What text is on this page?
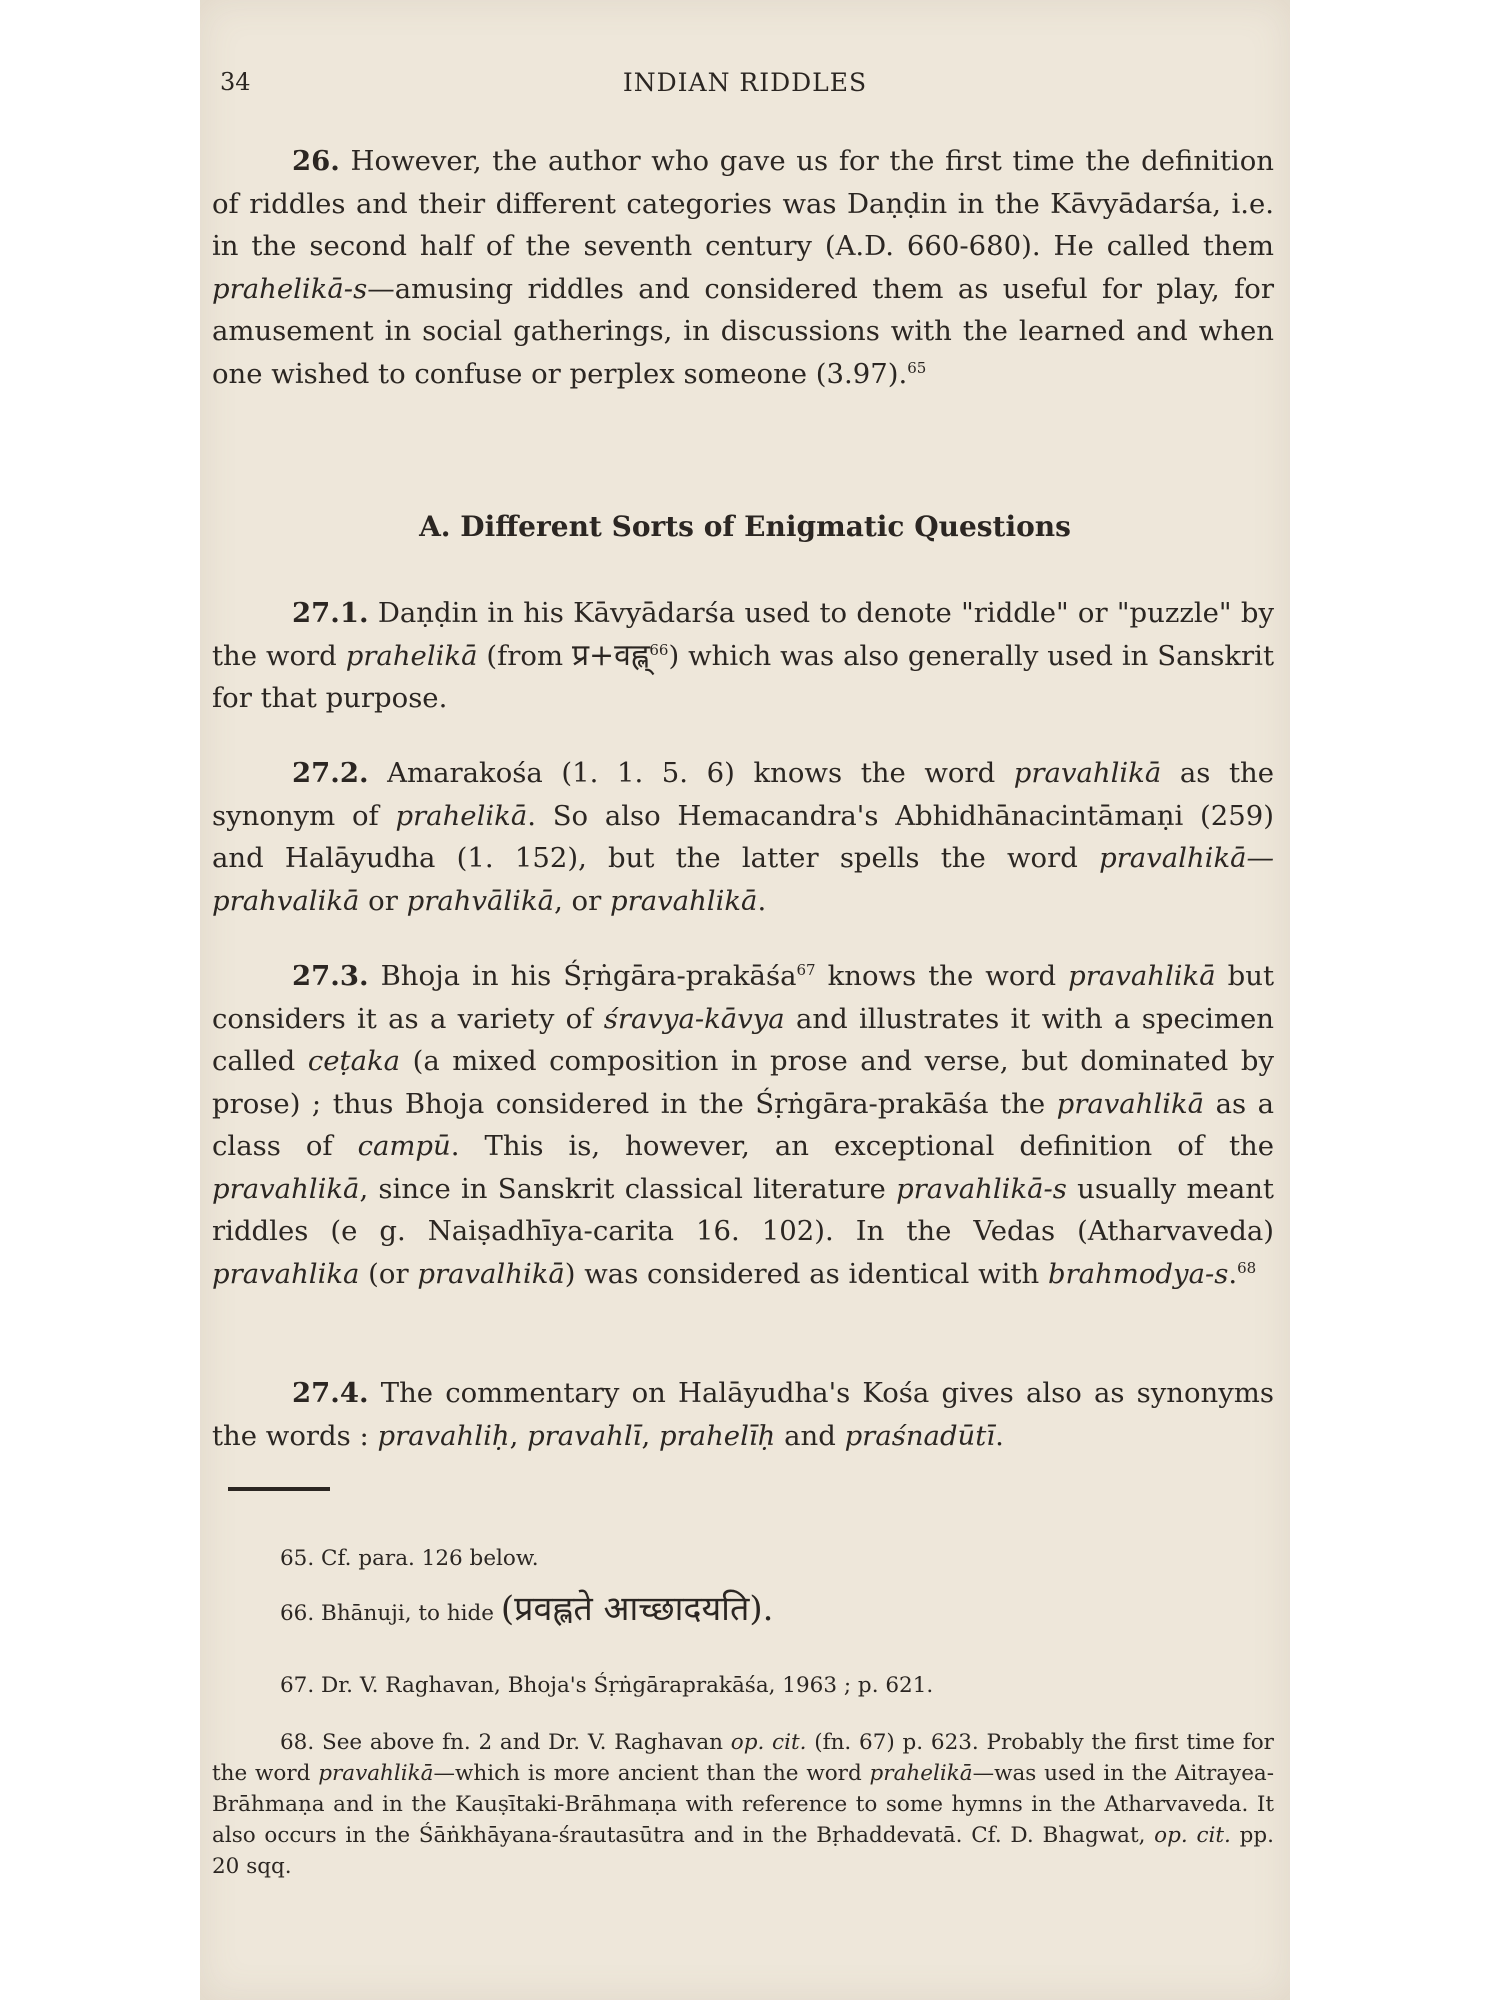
34	INDIAN RIDDLES

26. However, the author who gave us for the first time the definition of riddles and their different categories was Daṇḍin in the Kāvyādarśa, i.e. in the second half of the seventh century (A.D. 660-680). He called them prahelikā-s—amusing riddles and considered them as useful for play, for amusement in social gatherings, in discussions with the learned and when one wished to confuse or perplex someone (3.97).$^{65}$

A. Different Sorts of Enigmatic Questions

27.1. Daṇḍin in his Kāvyādarśa used to denote "riddle" or "puzzle" by the word prahelikā (from प्र+वह्ल्$^{66}$) which was also generally used in Sanskrit for that purpose.

27.2. Amarakośa (1. 1. 5. 6) knows the word pravahlikā as the synonym of prahelikā. So also Hemacandra's Abhidhānacintāmaṇi (259) and Halāyudha (1. 152), but the latter spells the word pravalhikā—prahvalikā or prahvālikā, or pravahlikā.

27.3. Bhoja in his Śṛṅgāra-prakāśa$^{67}$ knows the word pravahlikā but considers it as a variety of śravya-kāvya and illustrates it with a specimen called ceṭaka (a mixed composition in prose and verse, but dominated by prose) ; thus Bhoja considered in the Śṛṅgāra-prakāśa the pravahlikā as a class of campū. This is, however, an exceptional definition of the pravahlikā, since in Sanskrit classical literature pravahlikā-s usually meant riddles (e g. Naiṣadhīya-carita 16. 102). In the Vedas (Atharvaveda) pravahlika (or pravalhikā) was considered as identical with brahmodya-s.$^{68}$

27.4. The commentary on Halāyudha's Kośa gives also as synonyms the words : pravahliḥ, pravahlī, prahelīḥ and praśnadūtī.

65. Cf. para. 126 below.

66. Bhānuji, to hide (प्रवह्लते आच्छादयति).

67. Dr. V. Raghavan, Bhoja's Śṛṅgāraprakāśa, 1963 ; p. 621.

68. See above fn. 2 and Dr. V. Raghavan op. cit. (fn. 67) p. 623. Probably the first time for the word pravahlikā—which is more ancient than the word prahelikā—was used in the Aitrayea-Brāhmaṇa and in the Kauṣītaki-Brāhmaṇa with reference to some hymns in the Atharvaveda. It also occurs in the Śāṅkhāyana-śrautasūtra and in the Bṛhaddevatā. Cf. D. Bhagwat, op. cit. pp. 20 sqq.
